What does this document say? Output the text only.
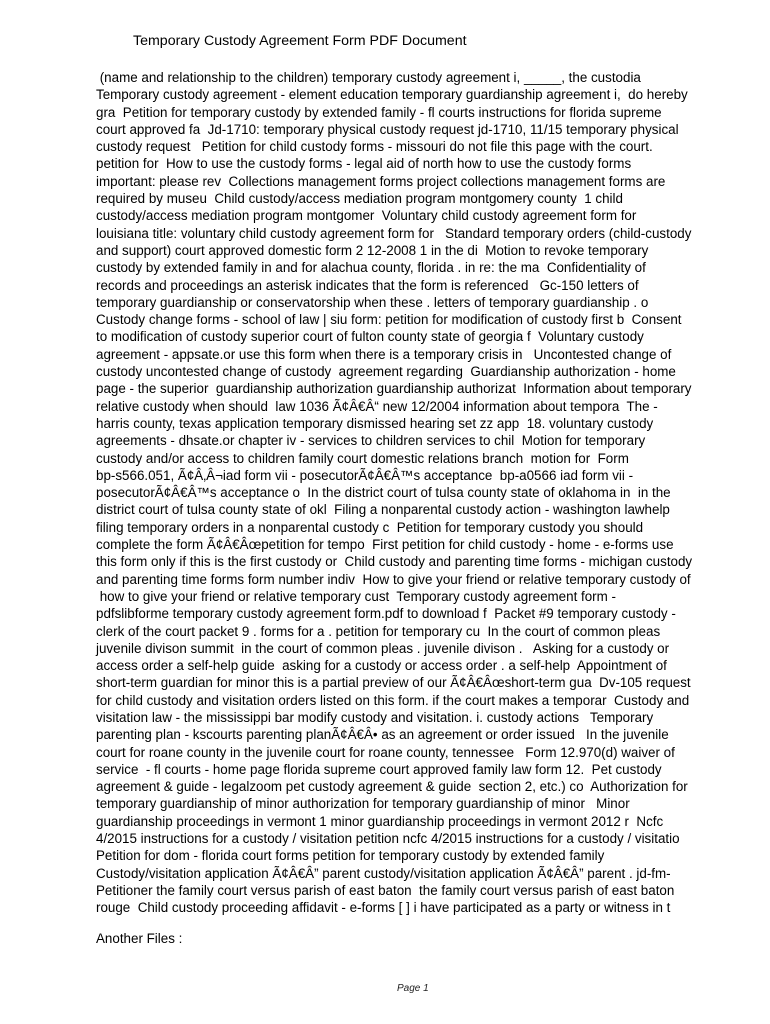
Temporary Custody Agreement Form PDF Document
(name and relationship to the children) temporary custody agreement i, _____, the custodia
Temporary custody agreement - element education temporary guardianship agreement i,  do hereby
gra  Petition for temporary custody by extended family - fl courts instructions for florida supreme
court approved fa  Jd-1710: temporary physical custody request jd-1710, 11/15 temporary physical
custody request   Petition for child custody forms - missouri do not file this page with the court.
petition for  How to use the custody forms - legal aid of north how to use the custody forms
important: please rev  Collections management forms project collections management forms are
required by museu  Child custody/access mediation program montgomery county  1 child
custody/access mediation program montgomer  Voluntary child custody agreement form for
louisiana title: voluntary child custody agreement form for   Standard temporary orders (child-custody
and support) court approved domestic form 2 12-2008 1 in the di  Motion to revoke temporary
custody by extended family in and for alachua county, florida . in re: the ma  Confidentiality of
records and proceedings an asterisk indicates that the form is referenced   Gc-150 letters of
temporary guardianship or conservatorship when these . letters of temporary guardianship . o
Custody change forms - school of law | siu form: petition for modification of custody first b  Consent
to modification of custody superior court of fulton county state of georgia f  Voluntary custody
agreement - appsate.or use this form when there is a temporary crisis in   Uncontested change of
custody uncontested change of custody  agreement regarding  Guardianship authorization - home
page - the superior  guardianship authorization guardianship authorizat  Information about temporary
relative custody when should  law 1036 Ã¢Â€Â“ new 12/2004 information about tempora  The -
harris county, texas application temporary dismissed hearing set zz app  18. voluntary custody
agreements - dhsate.or chapter iv - services to children services to chil  Motion for temporary
custody and/or access to children family court domestic relations branch  motion for  Form
bp-s566.051, Ã¢Â‚Â¬iad form vii - posecutorÃ¢Â€Â™s acceptance  bp-a0566 iad form vii -
posecutorÃ¢Â€Â™s acceptance o  In the district court of tulsa county state of oklahoma in  in the
district court of tulsa county state of okl  Filing a nonparental custody action - washington lawhelp
filing temporary orders in a nonparental custody c  Petition for temporary custody you should
complete the form Ã¢Â€Âœpetition for tempo  First petition for child custody - home - e-forms use
this form only if this is the first custody or  Child custody and parenting time forms - michigan custody
and parenting time forms form number indiv  How to give your friend or relative temporary custody of
how to give your friend or relative temporary cust  Temporary custody agreement form -
pdfslibforme temporary custody agreement form.pdf to download f  Packet #9 temporary custody -
clerk of the court packet 9 . forms for a . petition for temporary cu  In the court of common pleas
juvenile divison summit  in the court of common pleas . juvenile divison .   Asking for a custody or
access order a self-help guide  asking for a custody or access order . a self-help  Appointment of
short-term guardian for minor this is a partial preview of our Ã¢Â€Âœshort-term gua  Dv-105 request
for child custody and visitation orders listed on this form. if the court makes a temporar  Custody and
visitation law - the mississippi bar modify custody and visitation. i. custody actions   Temporary
parenting plan - kscourts parenting planÃ¢Â€Â• as an agreement or order issued   In the juvenile
court for roane county in the juvenile court for roane county, tennessee   Form 12.970(d) waiver of
service  - fl courts - home page florida supreme court approved family law form 12.  Pet custody
agreement & guide - legalzoom pet custody agreement & guide  section 2, etc.) co  Authorization for
temporary guardianship of minor authorization for temporary guardianship of minor   Minor
guardianship proceedings in vermont 1 minor guardianship proceedings in vermont 2012 r  Ncfc
4/2015 instructions for a custody / visitation petition ncfc 4/2015 instructions for a custody / visitatio
Petition for dom - florida court forms petition for temporary custody by extended family
Custody/visitation application Ã¢Â€Â” parent custody/visitation application Ã¢Â€Â” parent . jd-fm-
Petitioner the family court versus parish of east baton  the family court versus parish of east baton
rouge  Child custody proceeding affidavit - e-forms [ ] i have participated as a party or witness in t
Another Files :
Page 1
